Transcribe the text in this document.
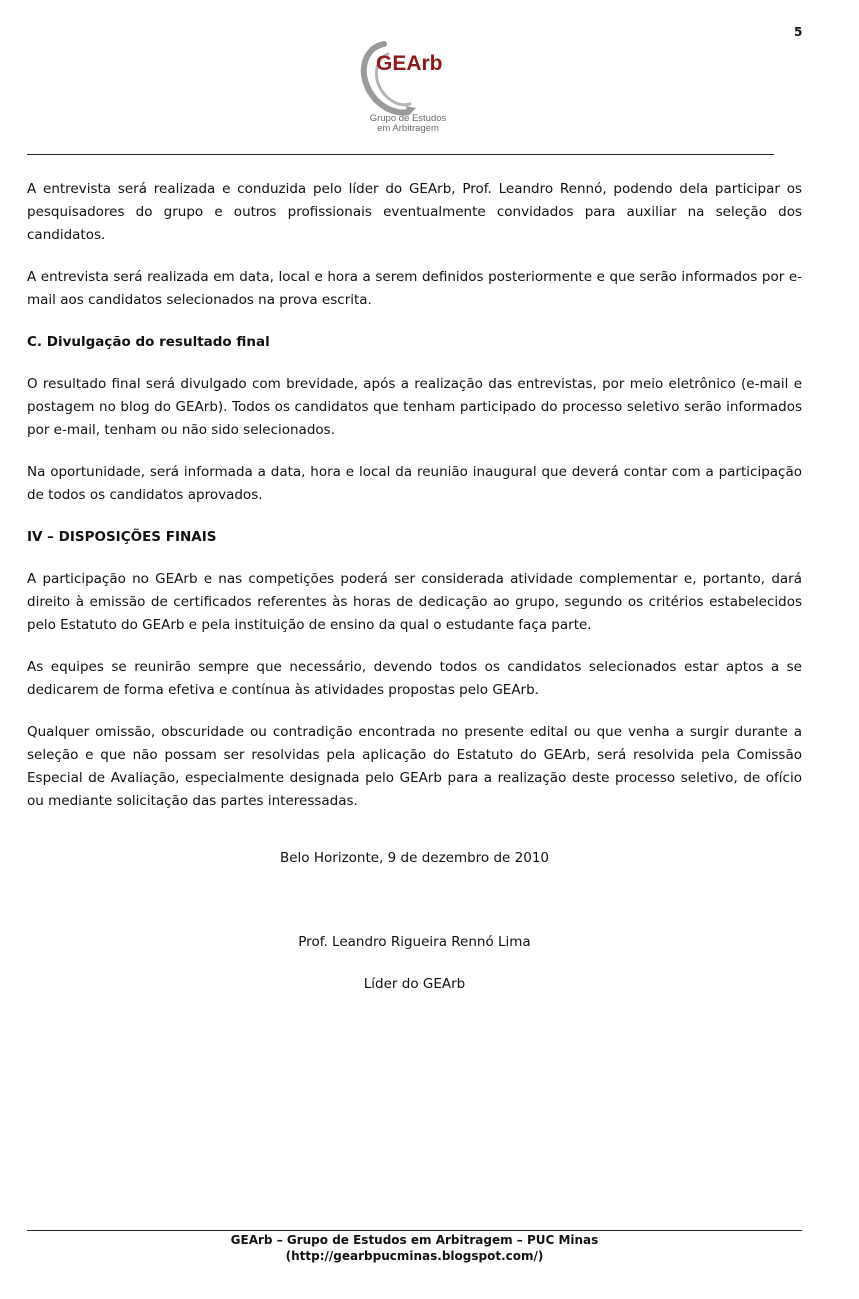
5
GEArb
Grupo de Estudos
em Arbitragem

A entrevista será realizada e conduzida pelo líder do GEArb, Prof. Leandro Rennó, podendo dela participar os pesquisadores do grupo e outros profissionais eventualmente convidados para auxiliar na seleção dos candidatos.

A entrevista será realizada em data, local e hora a serem definidos posteriormente e que serão informados por e-mail aos candidatos selecionados na prova escrita.

C. Divulgação do resultado final

O resultado final será divulgado com brevidade, após a realização das entrevistas, por meio eletrônico (e-mail e postagem no blog do GEArb). Todos os candidatos que tenham participado do processo seletivo serão informados por e-mail, tenham ou não sido selecionados.

Na oportunidade, será informada a data, hora e local da reunião inaugural que deverá contar com a participação de todos os candidatos aprovados.

IV – DISPOSIÇÕES FINAIS

A participação no GEArb e nas competições poderá ser considerada atividade complementar e, portanto, dará direito à emissão de certificados referentes às horas de dedicação ao grupo, segundo os critérios estabelecidos pelo Estatuto do GEArb e pela instituição de ensino da qual o estudante faça parte.

As equipes se reunirão sempre que necessário, devendo todos os candidatos selecionados estar aptos a se dedicarem de forma efetiva e contínua às atividades propostas pelo GEArb.

Qualquer omissão, obscuridade ou contradição encontrada no presente edital ou que venha a surgir durante a seleção e que não possam ser resolvidas pela aplicação do Estatuto do GEArb, será resolvida pela Comissão Especial de Avaliação, especialmente designada pelo GEArb para a realização deste processo seletivo, de ofício ou mediante solicitação das partes interessadas.

Belo Horizonte, 9 de dezembro de 2010
Prof. Leandro Rigueira Rennó Lima
Líder do GEArb
GEArb – Grupo de Estudos em Arbitragem – PUC Minas
(http://gearbpucminas.blogspot.com/)
